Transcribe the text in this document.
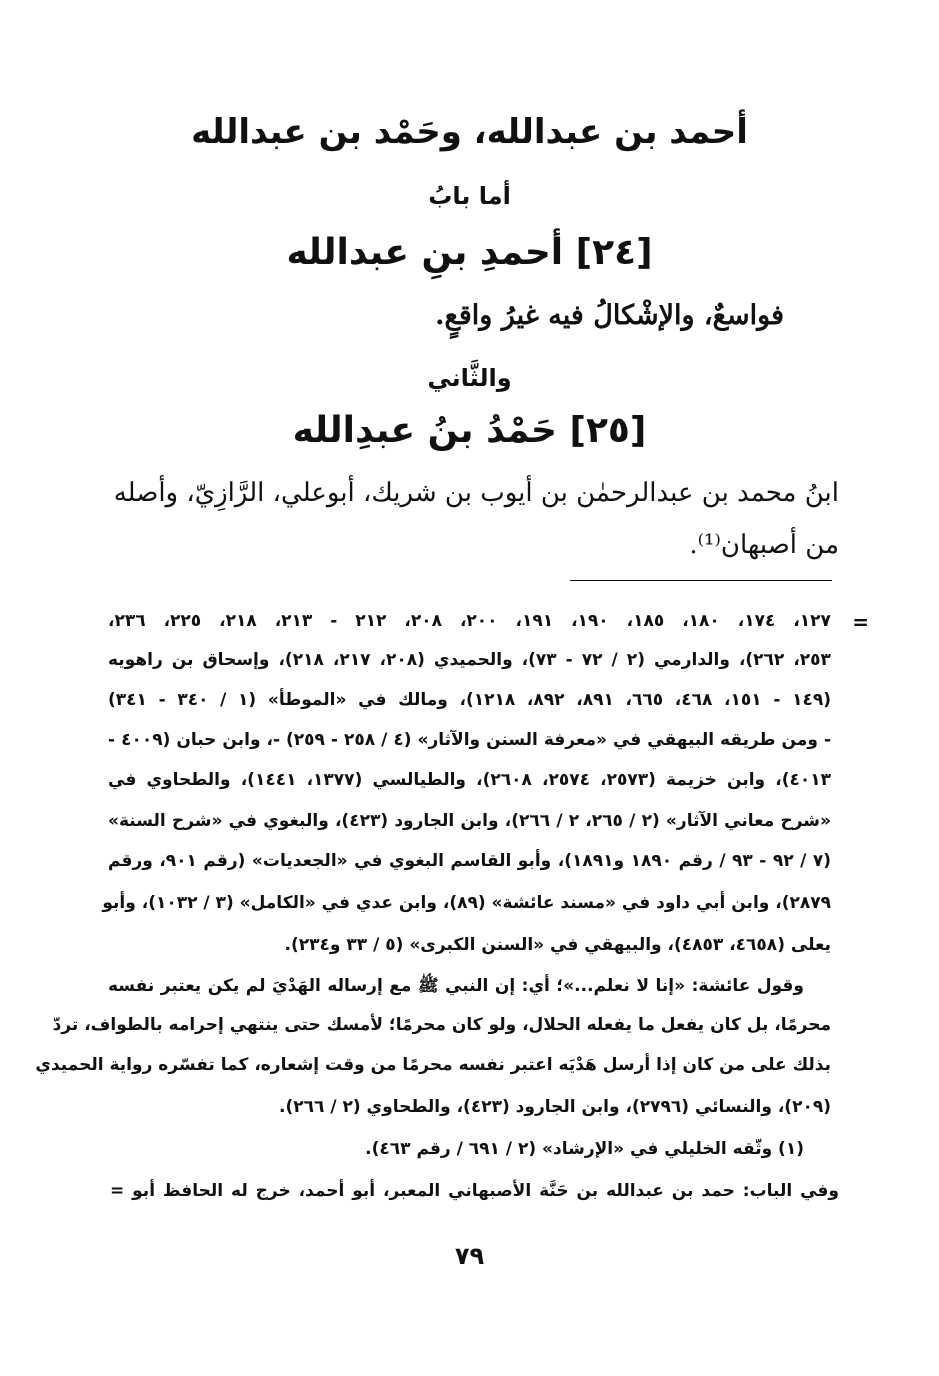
أحمد بن عبدالله، وحَمْد بن عبدالله
أما بابُ
[٢٤] أحمدِ بنِ عبدالله
فواسعٌ، والإشْكالُ فيه غيرُ واقعٍ.
والثَّاني
[٢٥] حَمْدُ بنُ عبدِالله
ابنُ محمد بن عبدالرحمٰن بن أيوب بن شريك، أبوعلي، الرَّازِيّ، وأصله
من أصبهان⁽¹⁾.
=
١٢٧، ١٧٤، ١٨٠، ١٨٥، ١٩٠، ١٩١، ٢٠٠، ٢٠٨، ٢١٢ - ٢١٣، ٢١٨، ٢٢٥، ٢٣٦،
٢٥٣، ٢٦٢)، والدارمي (٢ / ٧٢ - ٧٣)، والحميدي (٢٠٨، ٢١٧، ٢١٨)، وإسحاق بن راهويه
(١٤٩ - ١٥١، ٤٦٨، ٦٦٥، ٨٩١، ٨٩٢، ١٢١٨)، ومالك في «الموطأ» (١ / ٣٤٠ - ٣٤١)
- ومن طريقه البيهقي في «معرفة السنن والآثار» (٤ / ٢٥٨ - ٢٥٩) -، وابن حبان (٤٠٠٩ -
٤٠١٣)، وابن خزيمة (٢٥٧٣، ٢٥٧٤، ٢٦٠٨)، والطيالسي (١٣٧٧، ١٤٤١)، والطحاوي في
«شرح معاني الآثار» (٢ / ٢٦٥، ٢ / ٢٦٦)، وابن الجارود (٤٢٣)، والبغوي في «شرح السنة»
(٧ / ٩٢ - ٩٣ / رقم ١٨٩٠ و١٨٩١)، وأبو القاسم البغوي في «الجعديات» (رقم ٩٠١، ورقم
٢٨٧٩)، وابن أبي داود في «مسند عائشة» (٨٩)، وابن عدي في «الكامل» (٣ / ١٠٣٢)، وأبو
يعلى (٤٦٥٨، ٤٨٥٣)، والبيهقي في «السنن الكبرى» (٥ / ٣٣ و٢٣٤).
وقول عائشة: «إنا لا نعلم...»؛ أي: إن النبي ﷺ مع إرساله الهَدْيَ لم يكن يعتبر نفسه
محرمًا، بل كان يفعل ما يفعله الحلال، ولو كان محرمًا؛ لأمسك حتى ينتهي إحرامه بالطواف، تردّ
بذلك على من كان إذا أرسل هَدْيَه اعتبر نفسه محرمًا من وقت إشعاره، كما تفسّره رواية الحميدي
(٢٠٩)، والنسائي (٢٧٩٦)، وابن الجارود (٤٢٣)، والطحاوي (٢ / ٢٦٦).
(١) وثّقه الخليلي في «الإرشاد» (٢ / ٦٩١ / رقم ٤٦٣).
وفي الباب: حمد بن عبدالله بن حَنَّة الأصبهاني المعبر، أبو أحمد، خرج له الحافظ أبو =
٧٩
